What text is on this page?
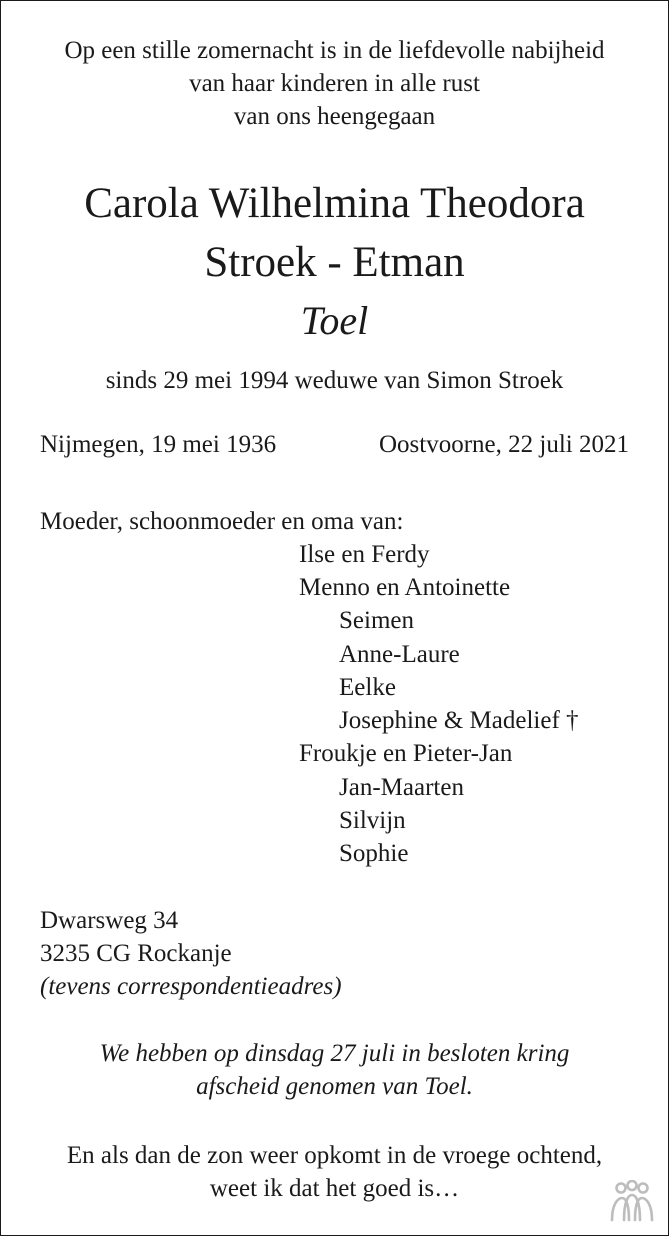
Op een stille zomernacht is in de liefdevolle nabijheid
van haar kinderen in alle rust
van ons heengegaan
Carola Wilhelmina Theodora
Stroek - Etman
Toel
sinds 29 mei 1994 weduwe van Simon Stroek
Nijmegen, 19 mei 1936	Oostvoorne, 22 juli 2021
Moeder, schoonmoeder en oma van:
Ilse en Ferdy
Menno en Antoinette
Seimen
Anne-Laure
Eelke
Josephine & Madelief †
Froukje en Pieter-Jan
Jan-Maarten
Silvijn
Sophie
Dwarsweg 34
3235 CG Rockanje
(tevens correspondentieadres)
We hebben op dinsdag 27 juli in besloten kring
afscheid genomen van Toel.
En als dan de zon weer opkomt in de vroege ochtend,
weet ik dat het goed is…
